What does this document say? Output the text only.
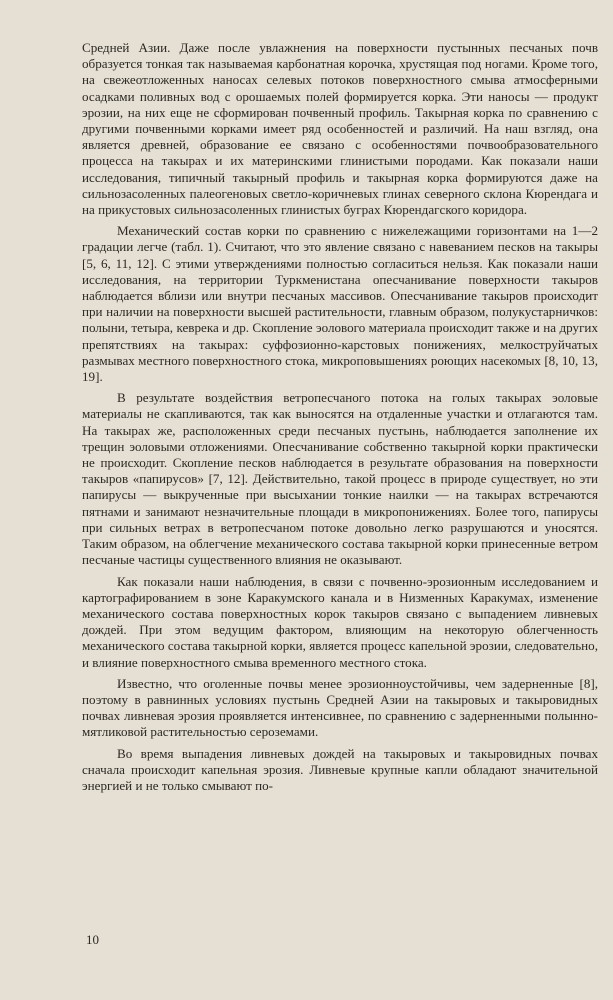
Средней Азии. Даже после увлажнения на поверхности пустынных песчаных почв образуется тонкая так называемая карбонатная корочка, хрустящая под ногами. Кроме того, на свежеотложенных наносах селевых потоков поверхностного смыва атмосферными осадками поливных вод с орошаемых полей формируется корка. Эти наносы — продукт эрозии, на них еще не сформирован почвенный профиль. Такырная корка по сравнению с другими почвенными корками имеет ряд особенностей и различий. На наш взгляд, она является древней, образование ее связано с особенностями почвообразовательного процесса на такырах и их материнскими глинистыми породами. Как показали наши исследования, типичный такырный профиль и такырная корка формируются даже на сильнозасоленных палеогеновых светло-коричневых глинах северного склона Кюрендага и на прикустовых сильнозасоленных глинистых буграх Кюрендагского коридора.

Механический состав корки по сравнению с нижележащими горизонтами на 1—2 градации легче (табл. 1). Считают, что это явление связано с навеванием песков на такыры [5, 6, 11, 12]. С этими утверждениями полностью согласиться нельзя. Как показали наши исследования, на территории Туркменистана опесчанивание поверхности такыров наблюдается вблизи или внутри песчаных массивов. Опесчанивание такыров происходит при наличии на поверхности высшей растительности, главным образом, полукустарничков: полыни, тетыра, кеврека и др. Скопление эолового материала происходит также и на других препятствиях на такырах: суффозионно-карстовых понижениях, мелкоструйчатых размывах местного поверхностного стока, микроповышениях роющих насекомых [8, 10, 13, 19].

В результате воздействия ветропесчаного потока на голых такырах эоловые материалы не скапливаются, так как выносятся на отдаленные участки и отлагаются там. На такырах же, расположенных среди песчаных пустынь, наблюдается заполнение их трещин эоловыми отложениями. Опесчанивание собственно такырной корки практически не происходит. Скопление песков наблюдается в результате образования на поверхности такыров «папирусов» [7, 12]. Действительно, такой процесс в природе существует, но эти папирусы — выкрученные при высыхании тонкие наилки — на такырах встречаются пятнами и занимают незначительные площади в микропонижениях. Более того, папирусы при сильных ветрах в ветропесчаном потоке довольно легко разрушаются и уносятся. Таким образом, на облегчение механического состава такырной корки принесенные ветром песчаные частицы существенного влияния не оказывают.

Как показали наши наблюдения, в связи с почвенно-эрозионным исследованием и картографированием в зоне Каракумского канала и в Низменных Каракумах, изменение механического состава поверхностных корок такыров связано с выпадением ливневых дождей. При этом ведущим фактором, влияющим на некоторую облегченность механического состава такырной корки, является процесс капельной эрозии, следовательно, и влияние поверхностного смыва временного местного стока.

Известно, что оголенные почвы менее эрозионноустойчивы, чем задерненные [8], поэтому в равнинных условиях пустынь Средней Азии на такыровых и такыровидных почвах ливневая эрозия проявляется интенсивнее, по сравнению с задерненными полынно-мятликовой растительностью сероземами.

Во время выпадения ливневых дождей на такыровых и такыровидных почвах сначала происходит капельная эрозия. Ливневые крупные капли обладают значительной энергией и не только смывают по-

10
